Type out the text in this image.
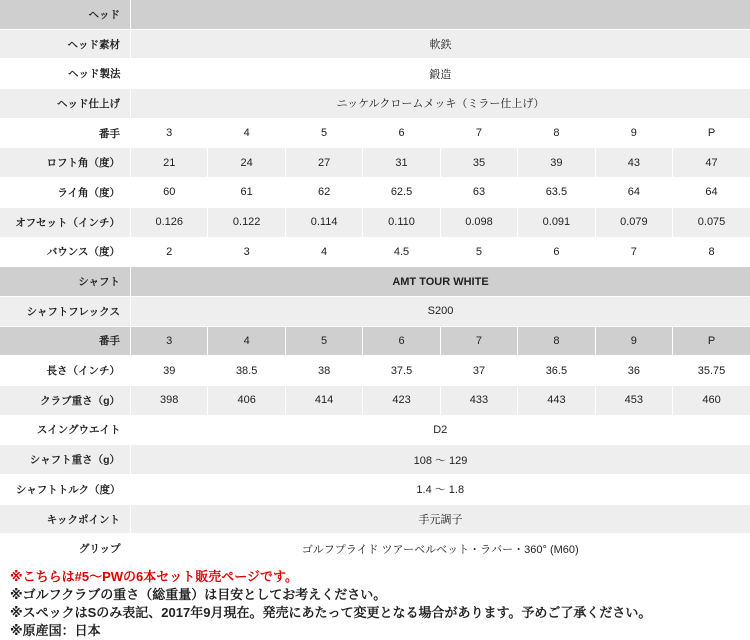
ヘッド								
ヘッド素材	軟鉄							
ヘッド製法	鍛造							
ヘッド仕上げ	ニッケルクロームメッキ（ミラー仕上げ）							
番手	3	4	5	6	7	8	9	P
ロフト角（度）	21	24	27	31	35	39	43	47
ライ角（度）	60	61	62	62.5	63	63.5	64	64
オフセット（インチ）	0.126	0.122	0.114	0.110	0.098	0.091	0.079	0.075
バウンス（度）	2	3	4	4.5	5	6	7	8
シャフト	AMT TOUR WHITE							
シャフトフレックス	S200							
番手	3	4	5	6	7	8	9	P
長さ（インチ）	39	38.5	38	37.5	37	36.5	36	35.75
クラブ重さ（g）	398	406	414	423	433	443	453	460
スイングウエイト	D2							
シャフト重さ（g）	108 〜 129							
シャフトトルク（度）	1.4 〜 1.8							
キックポイント	手元調子							
グリップ	ゴルフプライド ツアーベルベット・ラバー・360° (M60)							
※こちらは#5〜PWの6本セット販売ページです。
※ゴルフクラブの重さ（総重量）は目安としてお考えください。
※スペックはSのみ表記、2017年9月現在。発売にあたって変更となる場合があります。予めご了承ください。
※原産国：日本
